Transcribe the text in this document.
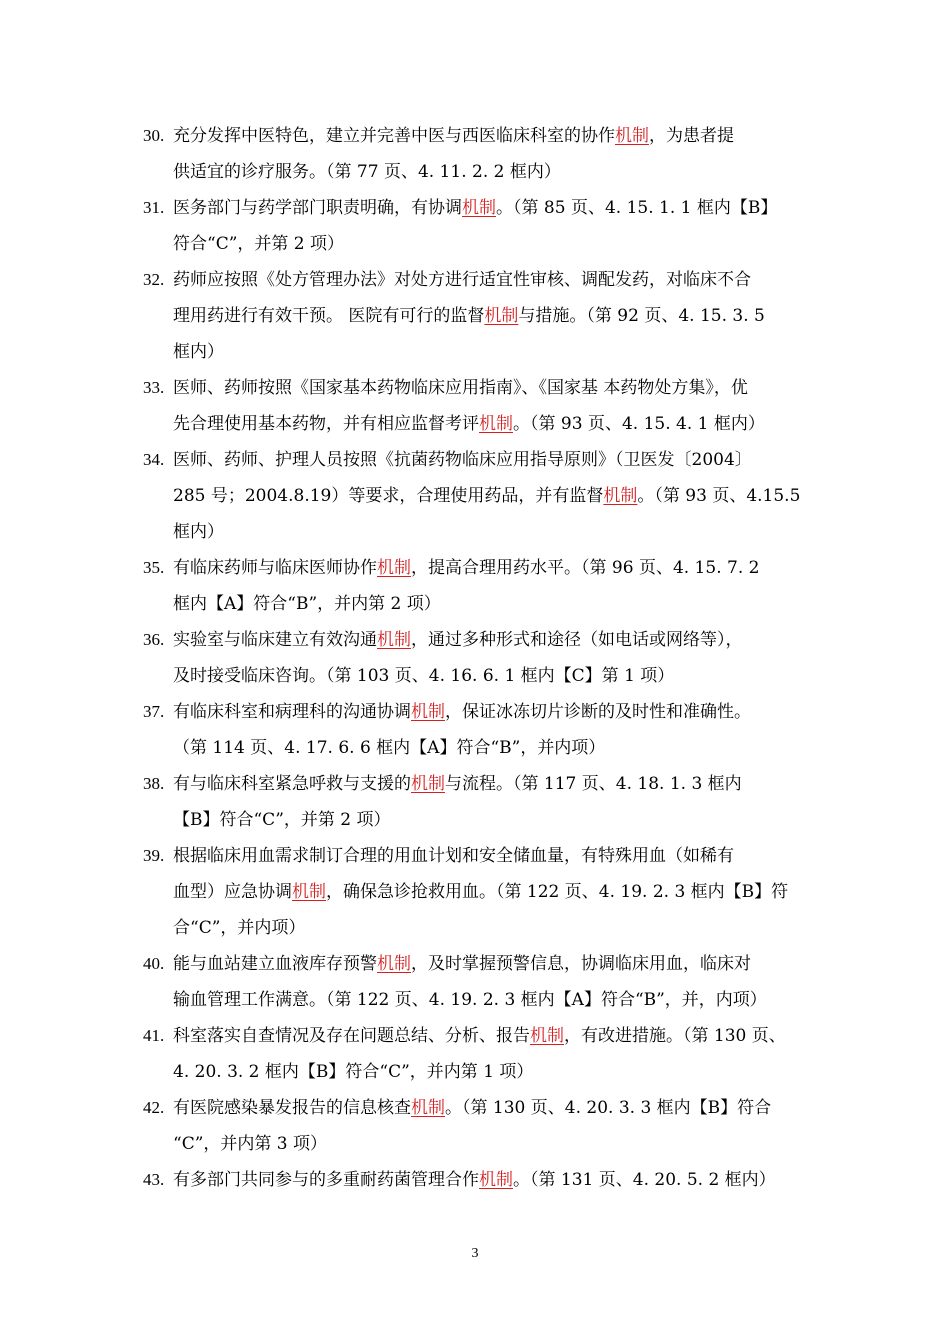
30. 充分发挥中医特色，建立并完善中医与西医临床科室的协作机制，为患者提
供适宜的诊疗服务。（第 77 页、4. 11. 2. 2 框内）
31. 医务部门与药学部门职责明确，有协调机制。（第 85 页、4. 15. 1. 1 框内【B】
符合“C”，并第 2 项）
32. 药师应按照《处方管理办法》对处方进行适宜性审核、调配发药，对临床不合
理用药进行有效干预。 医院有可行的监督机制与措施。（第 92 页、4. 15. 3. 5
框内）
33. 医师、药师按照《国家基本药物临床应用指南》、《国家基 本药物处方集》，优
先合理使用基本药物，并有相应监督考评机制。（第 93 页、4. 15. 4. 1 框内）
34. 医师、药师、护理人员按照《抗菌药物临床应用指导原则》（卫医发〔2004〕
285 号；2004.8.19）等要求，合理使用药品，并有监督机制。（第 93 页、4.15.5
框内）
35. 有临床药师与临床医师协作机制，提高合理用药水平。（第 96 页、4. 15. 7. 2
框内【A】符合“B”，并内第 2 项）
36. 实验室与临床建立有效沟通机制，通过多种形式和途径（如电话或网络等），
及时接受临床咨询。（第 103 页、4. 16. 6. 1 框内【C】第 1 项）
37. 有临床科室和病理科的沟通协调机制，保证冰冻切片诊断的及时性和准确性。
（第 114 页、4. 17. 6. 6 框内【A】符合“B”，并内项）
38. 有与临床科室紧急呼救与支援的机制与流程。（第 117 页、4. 18. 1. 3 框内
【B】符合“C”，并第 2 项）
39. 根据临床用血需求制订合理的用血计划和安全储血量，有特殊用血（如稀有
血型）应急协调机制，确保急诊抢救用血。（第 122 页、4. 19. 2. 3 框内【B】符
合“C”，并内项）
40. 能与血站建立血液库存预警机制，及时掌握预警信息，协调临床用血，临床对
输血管理工作满意。（第 122 页、4. 19. 2. 3 框内【A】符合“B”，并，内项）
41. 科室落实自查情况及存在问题总结、分析、报告机制，有改进措施。（第 130 页、
4. 20. 3. 2 框内【B】符合“C”，并内第 1 项）
42. 有医院感染暴发报告的信息核查机制。（第 130 页、4. 20. 3. 3 框内【B】符合
“C”，并内第 3 项）
43. 有多部门共同参与的多重耐药菌管理合作机制。（第 131 页、4. 20. 5. 2 框内）
3
